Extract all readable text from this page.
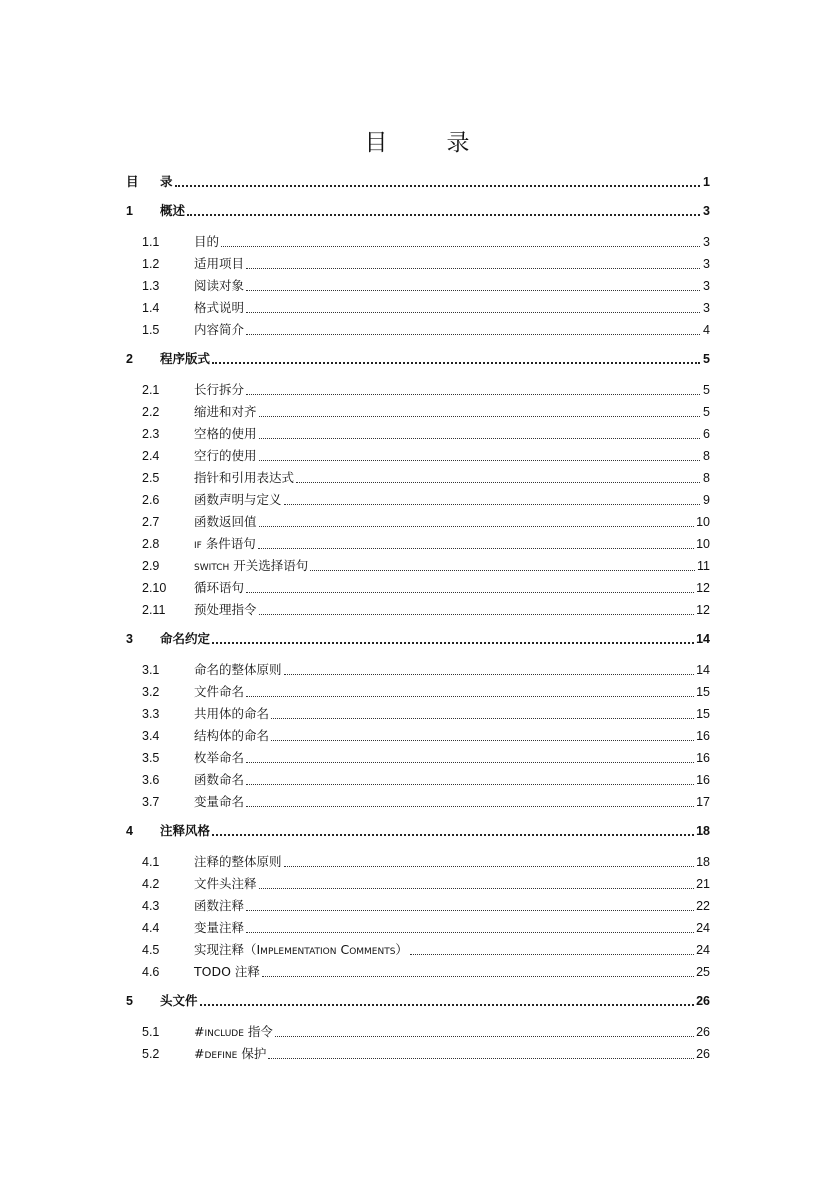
目　录
目	录	1
1	概述	3
1.1	目的	3
1.2	适用项目	3
1.3	阅读对象	3
1.4	格式说明	3
1.5	内容简介	4
2	程序版式	5
2.1	长行拆分	5
2.2	缩进和对齐	5
2.3	空格的使用	6
2.4	空行的使用	8
2.5	指针和引用表达式	8
2.6	函数声明与定义	9
2.7	函数返回值	10
2.8	if 条件语句	10
2.9	switch 开关选择语句	11
2.10	循环语句	12
2.11	预处理指令	12
3	命名约定	14
3.1	命名的整体原则	14
3.2	文件命名	15
3.3	共用体的命名	15
3.4	结构体的命名	16
3.5	枚举命名	16
3.6	函数命名	16
3.7	变量命名	17
4	注释风格	18
4.1	注释的整体原则	18
4.2	文件头注释	21
4.3	函数注释	22
4.4	变量注释	24
4.5	实现注释（Implementation Comments）	24
4.6	TODO 注释	25
5	头文件	26
5.1	#include 指令	26
5.2	#define 保护	26
